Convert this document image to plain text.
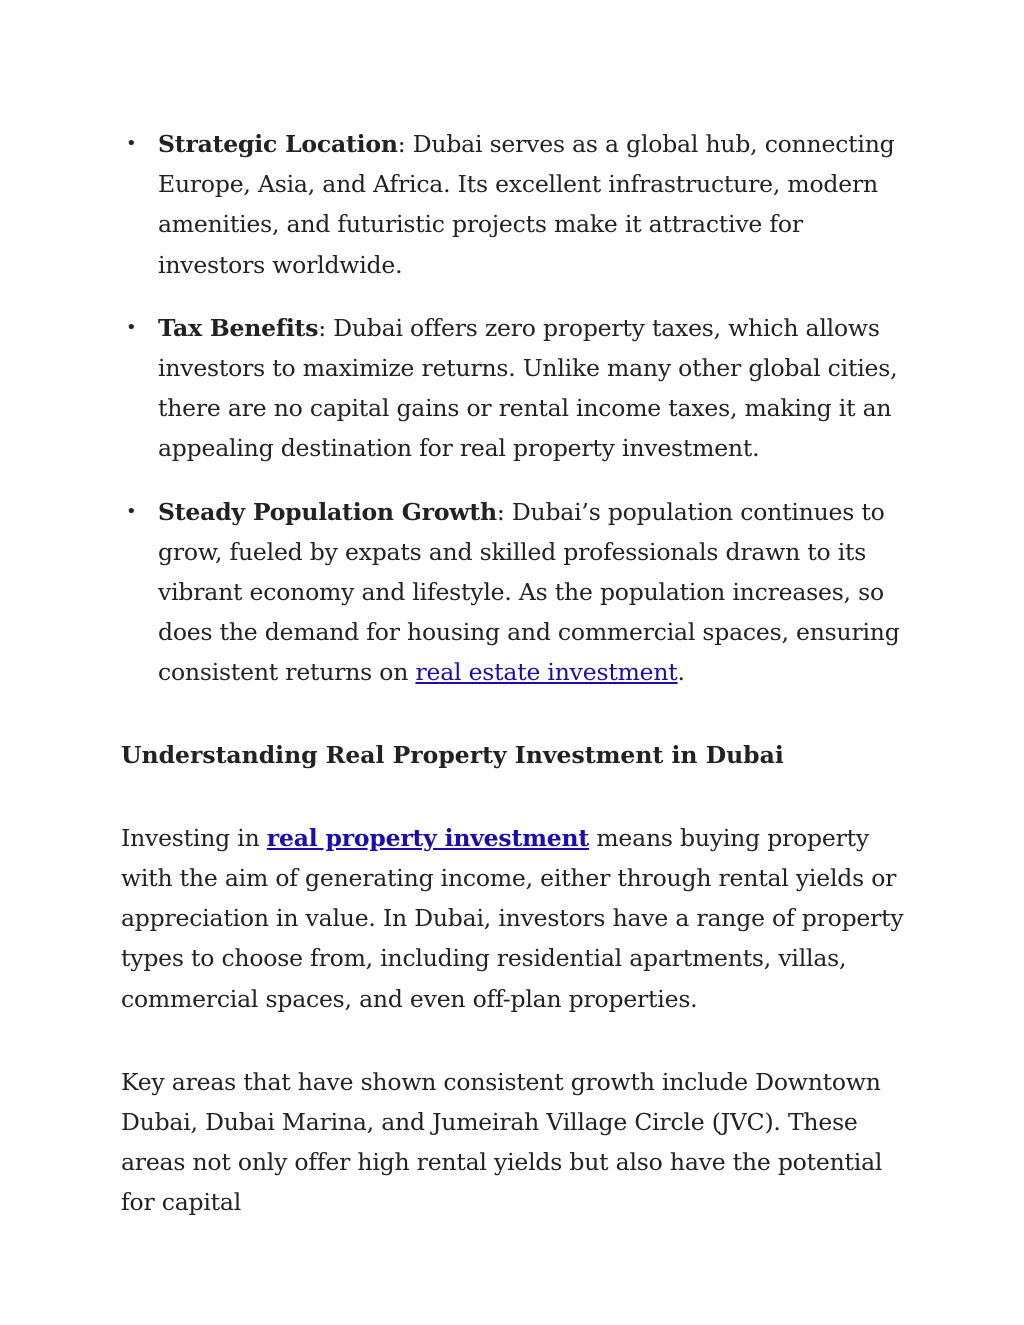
• Strategic Location: Dubai serves as a global hub, connecting Europe, Asia, and Africa. Its excellent infrastructure, modern amenities, and futuristic projects make it attractive for investors worldwide.
• Tax Benefits: Dubai offers zero property taxes, which allows investors to maximize returns. Unlike many other global cities, there are no capital gains or rental income taxes, making it an appealing destination for real property investment.
• Steady Population Growth: Dubai’s population continues to grow, fueled by expats and skilled professionals drawn to its vibrant economy and lifestyle. As the population increases, so does the demand for housing and commercial spaces, ensuring consistent returns on real estate investment.
Understanding Real Property Investment in Dubai

Investing in real property investment means buying property with the aim of generating income, either through rental yields or appreciation in value. In Dubai, investors have a range of property types to choose from, including residential apartments, villas, commercial spaces, and even off-plan properties.

Key areas that have shown consistent growth include Downtown Dubai, Dubai Marina, and Jumeirah Village Circle (JVC). These areas not only offer high rental yields but also have the potential for capital
